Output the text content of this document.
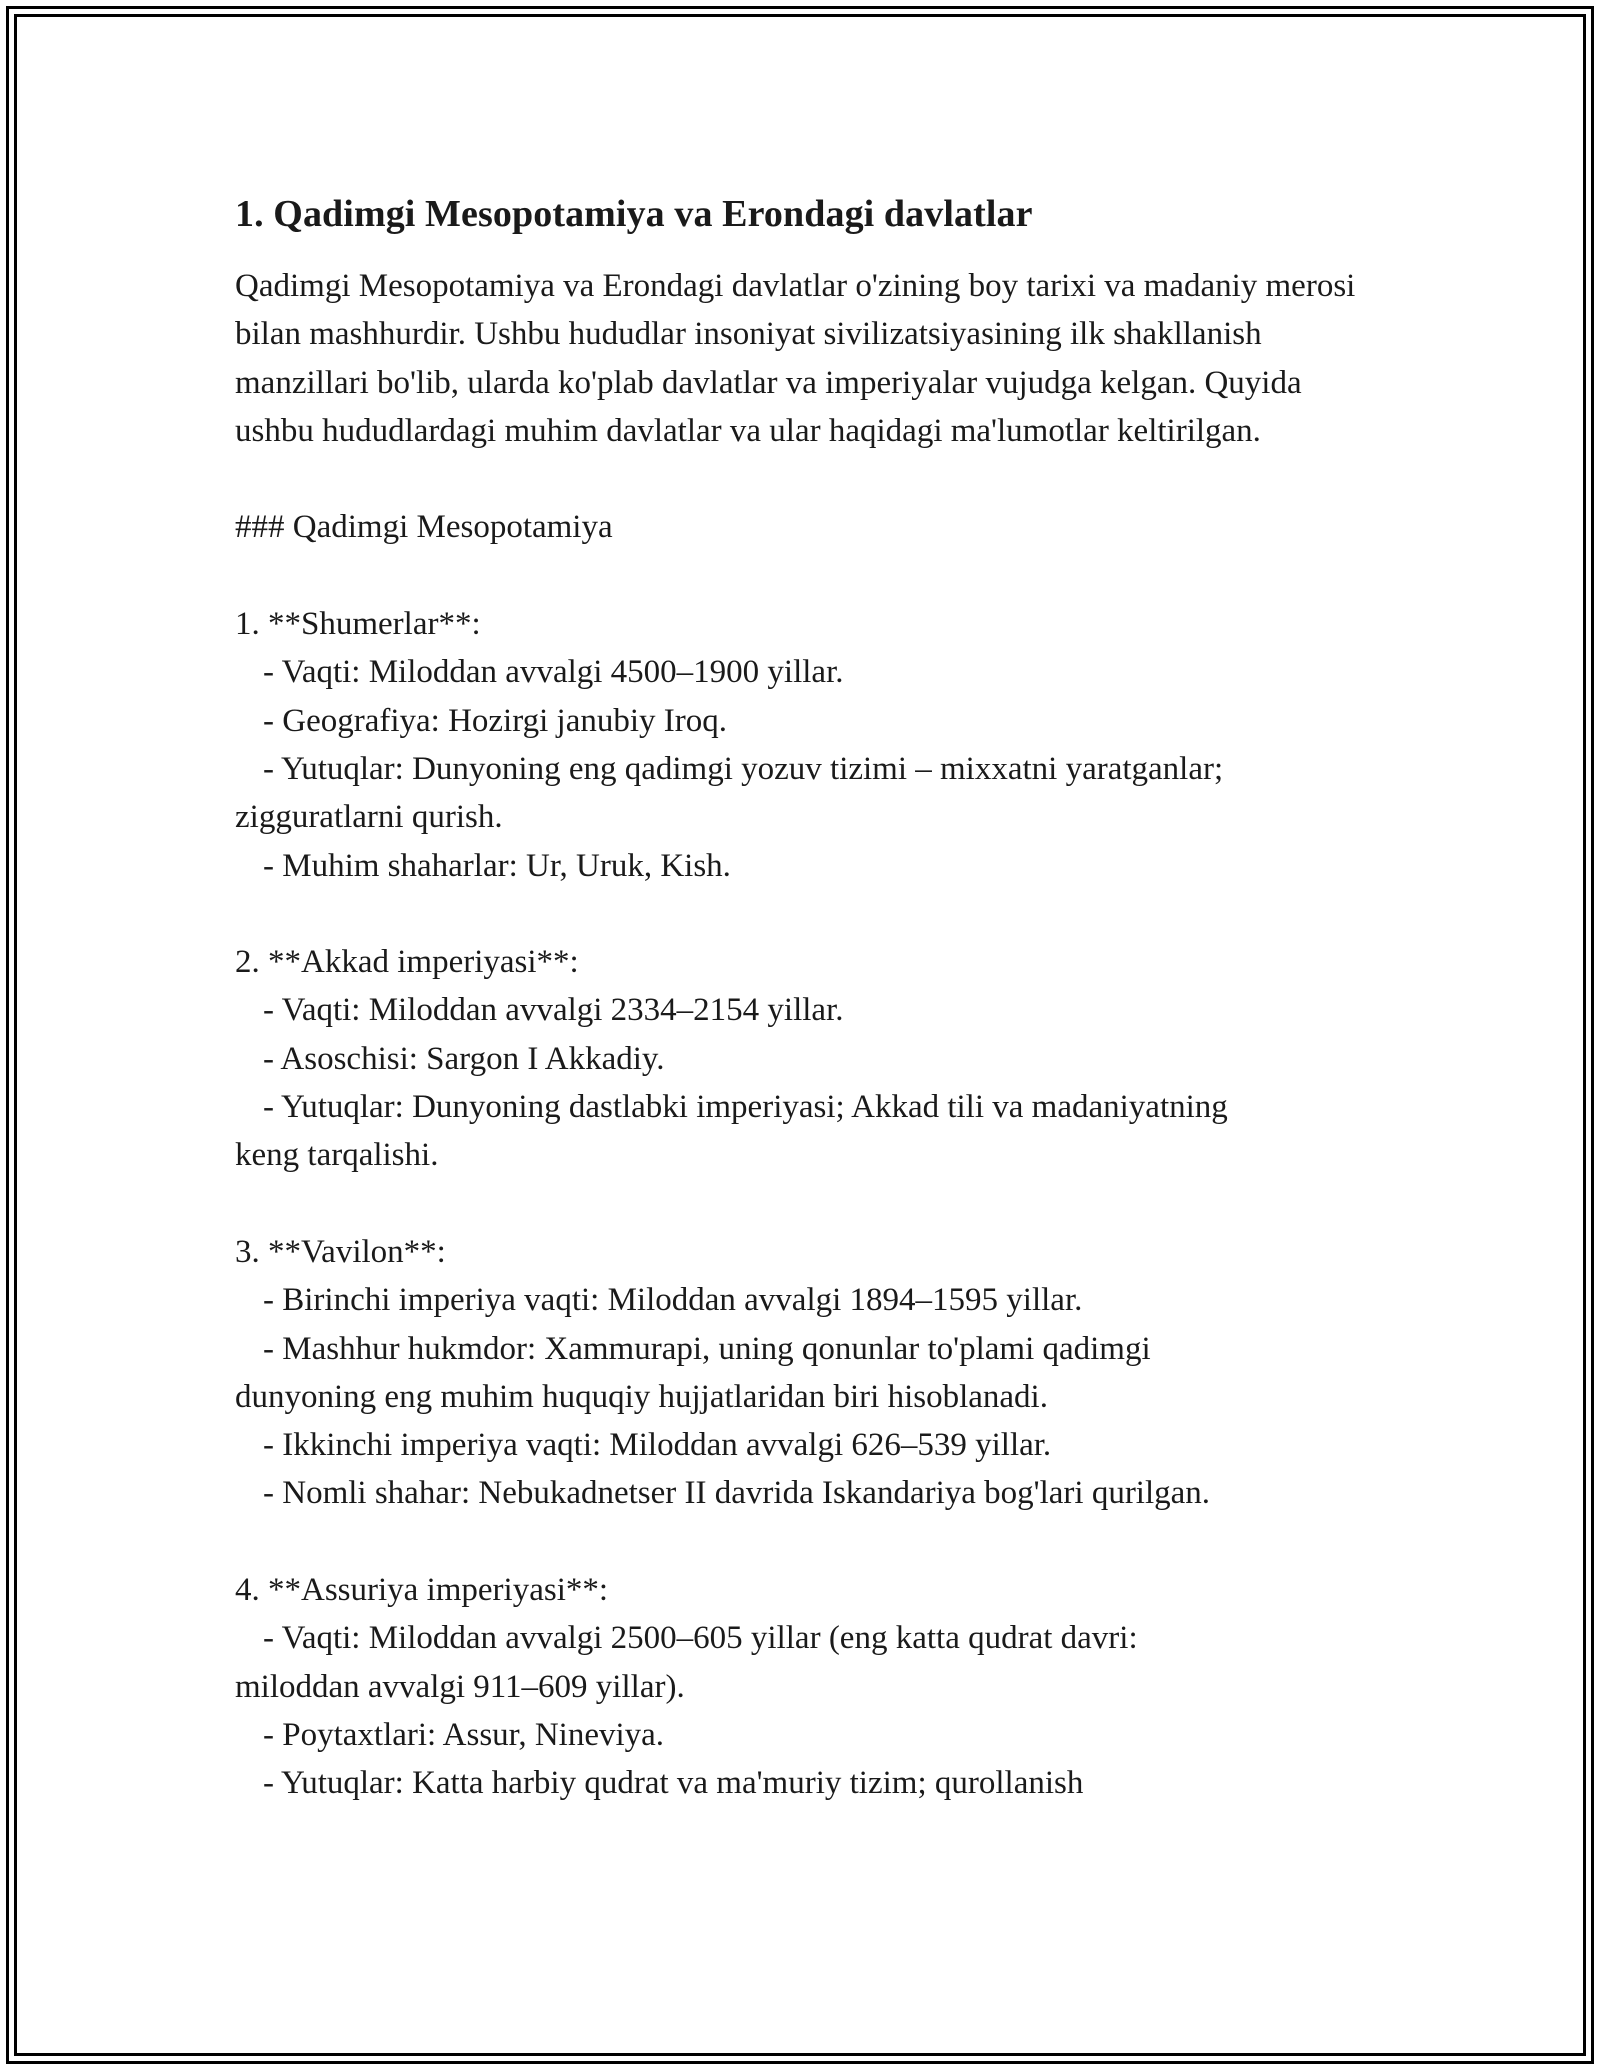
1. Qadimgi Mesopotamiya va Erondagi davlatlar

Qadimgi Mesopotamiya va Erondagi davlatlar o'zining boy tarixi va madaniy merosi bilan mashhurdir. Ushbu hududlar insoniyat sivilizatsiyasining ilk shakllanish manzillari bo'lib, ularda ko'plab davlatlar va imperiyalar vujudga kelgan. Quyida ushbu hududlardagi muhim davlatlar va ular haqidagi ma'lumotlar keltirilgan.

### Qadimgi Mesopotamiya
1. **Shumerlar**:
- Vaqti: Miloddan avvalgi 4500–1900 yillar.
- Geografiya: Hozirgi janubiy Iroq.
- Yutuqlar: Dunyoning eng qadimgi yozuv tizimi – mixxatni yaratganlar;
zigguratlarni qurish.
- Muhim shaharlar: Ur, Uruk, Kish.
2. **Akkad imperiyasi**:
- Vaqti: Miloddan avvalgi 2334–2154 yillar.
- Asoschisi: Sargon I Akkadiy.
- Yutuqlar: Dunyoning dastlabki imperiyasi; Akkad tili va madaniyatning
keng tarqalishi.
3. **Vavilon**:
- Birinchi imperiya vaqti: Miloddan avvalgi 1894–1595 yillar.
- Mashhur hukmdor: Xammurapi, uning qonunlar to'plami qadimgi
dunyoning eng muhim huquqiy hujjatlaridan biri hisoblanadi.
- Ikkinchi imperiya vaqti: Miloddan avvalgi 626–539 yillar.
- Nomli shahar: Nebukadnetser II davrida Iskandariya bog'lari qurilgan.
4. **Assuriya imperiyasi**:
- Vaqti: Miloddan avvalgi 2500–605 yillar (eng katta qudrat davri:
miloddan avvalgi 911–609 yillar).
- Poytaxtlari: Assur, Nineviya.
- Yutuqlar: Katta harbiy qudrat va ma'muriy tizim; qurollanish
